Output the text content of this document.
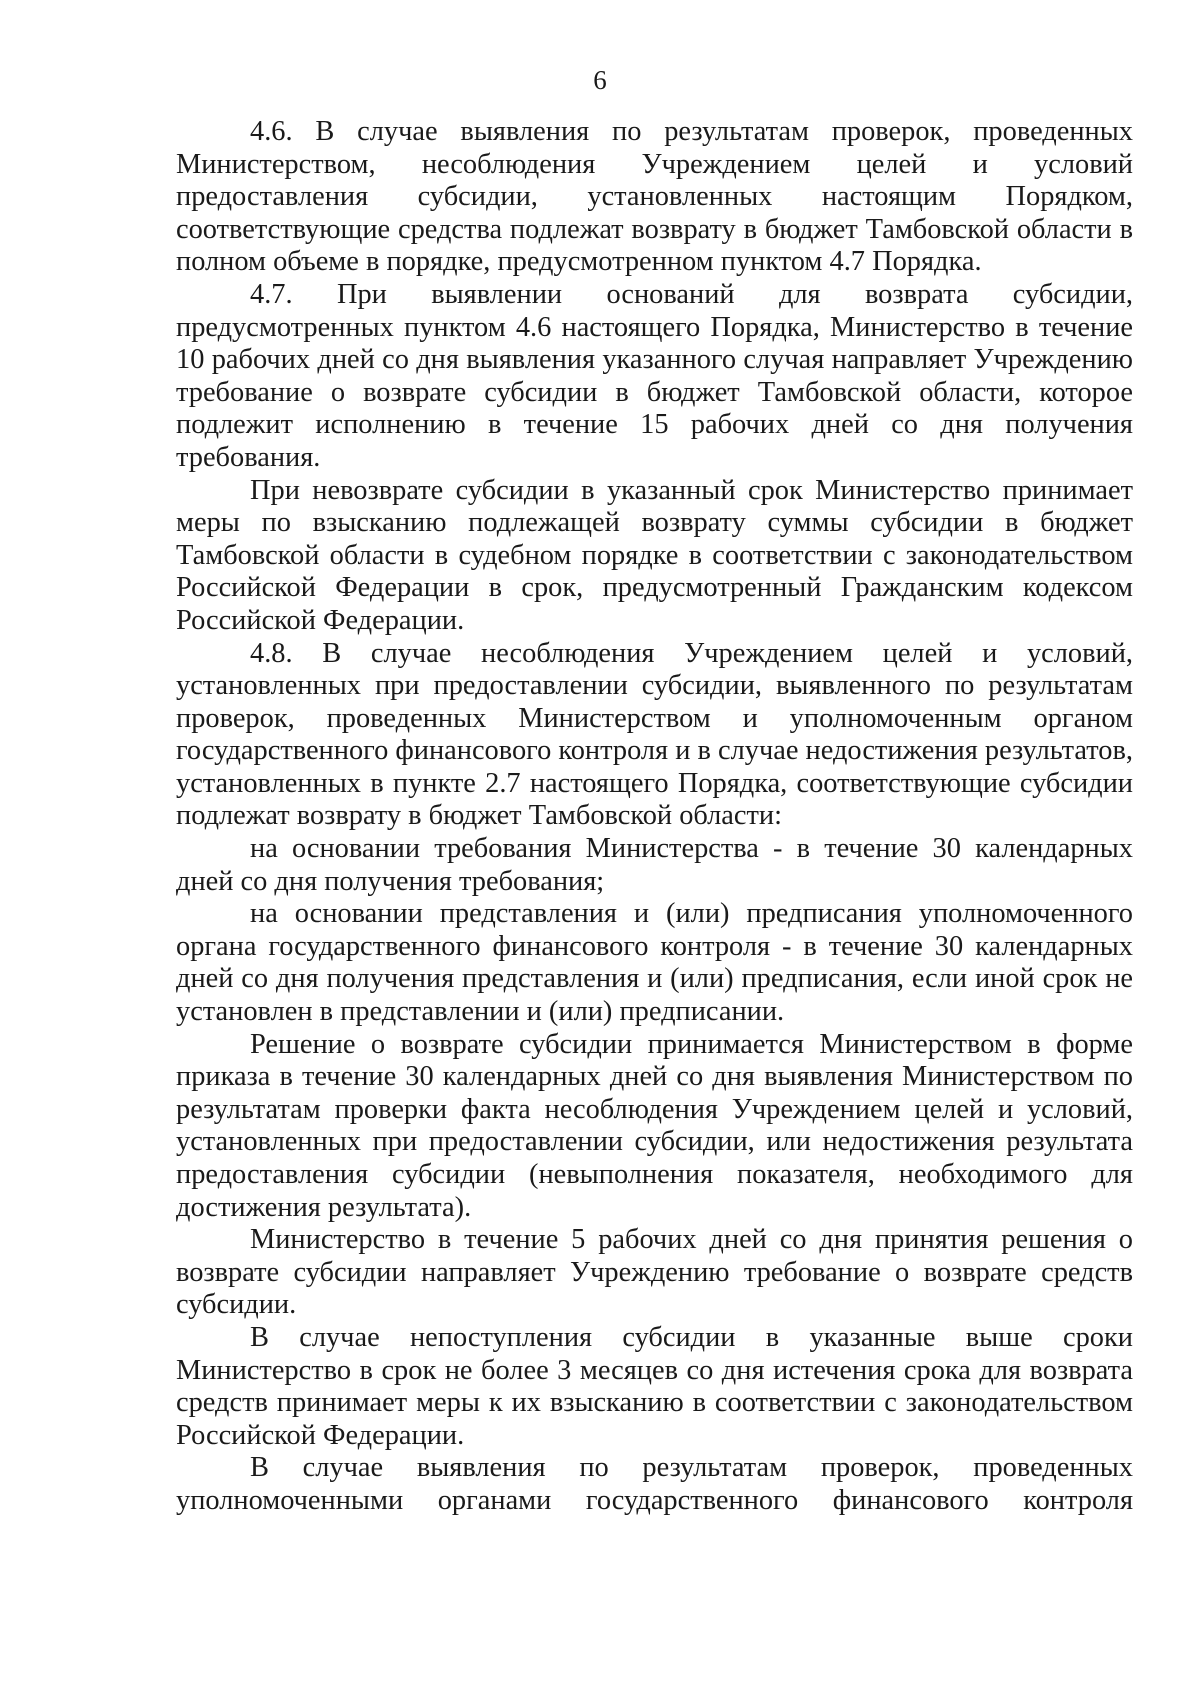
6

4.6. В случае выявления по результатам проверок, проведенных Министерством, несоблюдения Учреждением целей и условий предоставления субсидии, установленных настоящим Порядком, соответствующие средства подлежат возврату в бюджет Тамбовской области в полном объеме в порядке, предусмотренном пунктом 4.7 Порядка.

4.7. При выявлении оснований для возврата субсидии, предусмотренных пунктом 4.6 настоящего Порядка, Министерство в течение 10 рабочих дней со дня выявления указанного случая направляет Учреждению требование о возврате субсидии в бюджет Тамбовской области, которое подлежит исполнению в течение 15 рабочих дней со дня получения требования.

При невозврате субсидии в указанный срок Министерство принимает меры по взысканию подлежащей возврату суммы субсидии в бюджет Тамбовской области в судебном порядке в соответствии с законодательством Российской Федерации в срок, предусмотренный Гражданским кодексом Российской Федерации.

4.8. В случае несоблюдения Учреждением целей и условий, установленных при предоставлении субсидии, выявленного по результатам проверок, проведенных Министерством и уполномоченным органом государственного финансового контроля и в случае недостижения результатов, установленных в пункте 2.7 настоящего Порядка, соответствующие субсидии подлежат возврату в бюджет Тамбовской области:

на основании требования Министерства - в течение 30 календарных дней со дня получения требования;

на основании представления и (или) предписания уполномоченного органа государственного финансового контроля - в течение 30 календарных дней со дня получения представления и (или) предписания, если иной срок не установлен в представлении и (или) предписании.

Решение о возврате субсидии принимается Министерством в форме приказа в течение 30 календарных дней со дня выявления Министерством по результатам проверки факта несоблюдения Учреждением целей и условий, установленных при предоставлении субсидии, или недостижения результата предоставления субсидии (невыполнения показателя, необходимого для достижения результата).

Министерство в течение 5 рабочих дней со дня принятия решения о возврате субсидии направляет Учреждению требование о возврате средств субсидии.

В случае непоступления субсидии в указанные выше сроки Министерство в срок не более 3 месяцев со дня истечения срока для возврата средств принимает меры к их взысканию в соответствии с законодательством Российской Федерации.

В случае выявления по результатам проверок, проведенных уполномоченными органами государственного финансового контроля
